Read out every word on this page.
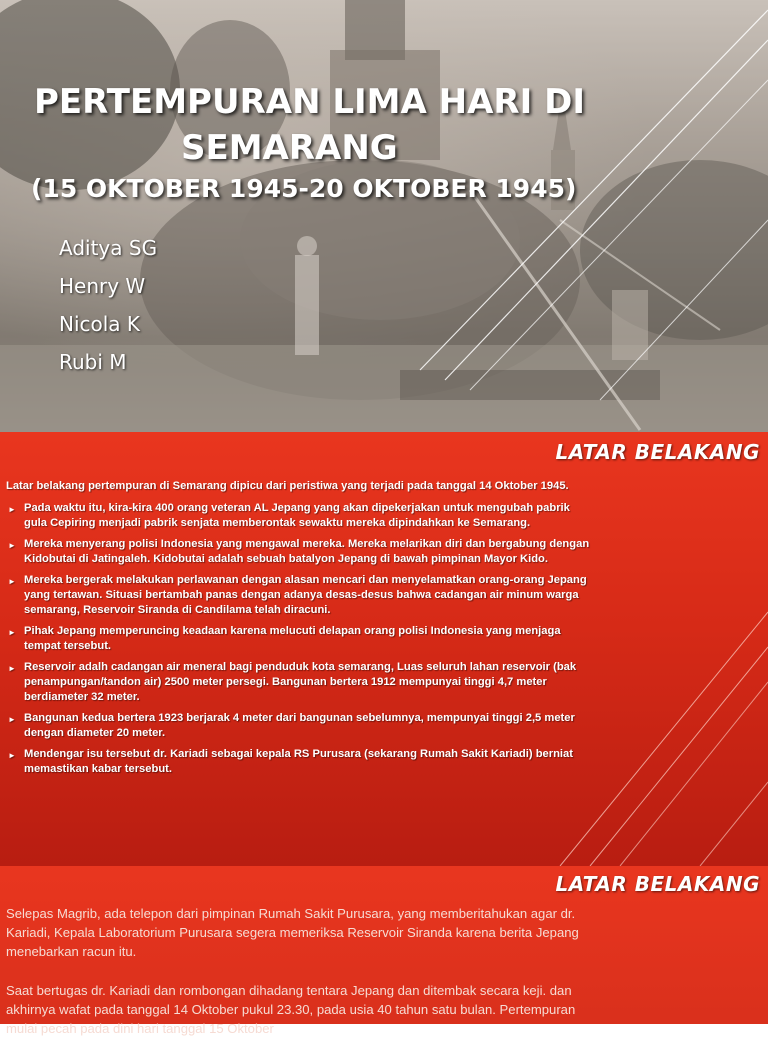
PERTEMPURAN LIMA HARI DI
SEMARANG
(15 OKTOBER 1945-20 OKTOBER 1945)
Aditya SG
Henry W
Nicola K
Rubi M
LATAR BELAKANG

Latar belakang pertempuran di Semarang dipicu dari peristiwa yang terjadi pada tanggal 14 Oktober 1945.

► Pada waktu itu, kira-kira 400 orang veteran AL Jepang yang akan dipekerjakan untuk mengubah pabrik gula Cepiring menjadi pabrik senjata memberontak sewaktu mereka dipindahkan ke Semarang.
► Mereka menyerang polisi Indonesia yang mengawal mereka. Mereka melarikan diri dan bergabung dengan Kidobutai di Jatingaleh. Kidobutai adalah sebuah batalyon Jepang di bawah pimpinan Mayor Kido.
► Mereka bergerak melakukan perlawanan dengan alasan mencari dan menyelamatkan orang-orang Jepang yang tertawan. Situasi bertambah panas dengan adanya desas-desus bahwa cadangan air minum warga semarang, Reservoir Siranda di Candilama telah diracuni.
► Pihak Jepang memperuncing keadaan karena melucuti delapan orang polisi Indonesia yang menjaga tempat tersebut.
► Reservoir adalh cadangan air meneral bagi penduduk kota semarang, Luas seluruh lahan reservoir (bak penampungan/tandon air) 2500 meter persegi. Bangunan bertera 1912 mempunyai tinggi 4,7 meter berdiameter 32 meter.
► Bangunan kedua bertera 1923 berjarak 4 meter dari bangunan sebelumnya, mempunyai tinggi 2,5 meter dengan diameter 20 meter.
► Mendengar isu tersebut dr. Kariadi sebagai kepala RS Purusara (sekarang Rumah Sakit Kariadi) berniat memastikan kabar tersebut.
LATAR BELAKANG

Selepas Magrib, ada telepon dari pimpinan Rumah Sakit Purusara, yang memberitahukan agar dr. Kariadi, Kepala Laboratorium Purusara segera memeriksa Reservoir Siranda karena berita Jepang menebarkan racun itu.

Saat bertugas dr. Kariadi dan rombongan dihadang tentara Jepang dan ditembak secara keji. dan akhirnya wafat pada tanggal 14 Oktober pukul 23.30, pada usia 40 tahun satu bulan. Pertempuran mulai pecah pada dini hari tanggal 15 Oktober
